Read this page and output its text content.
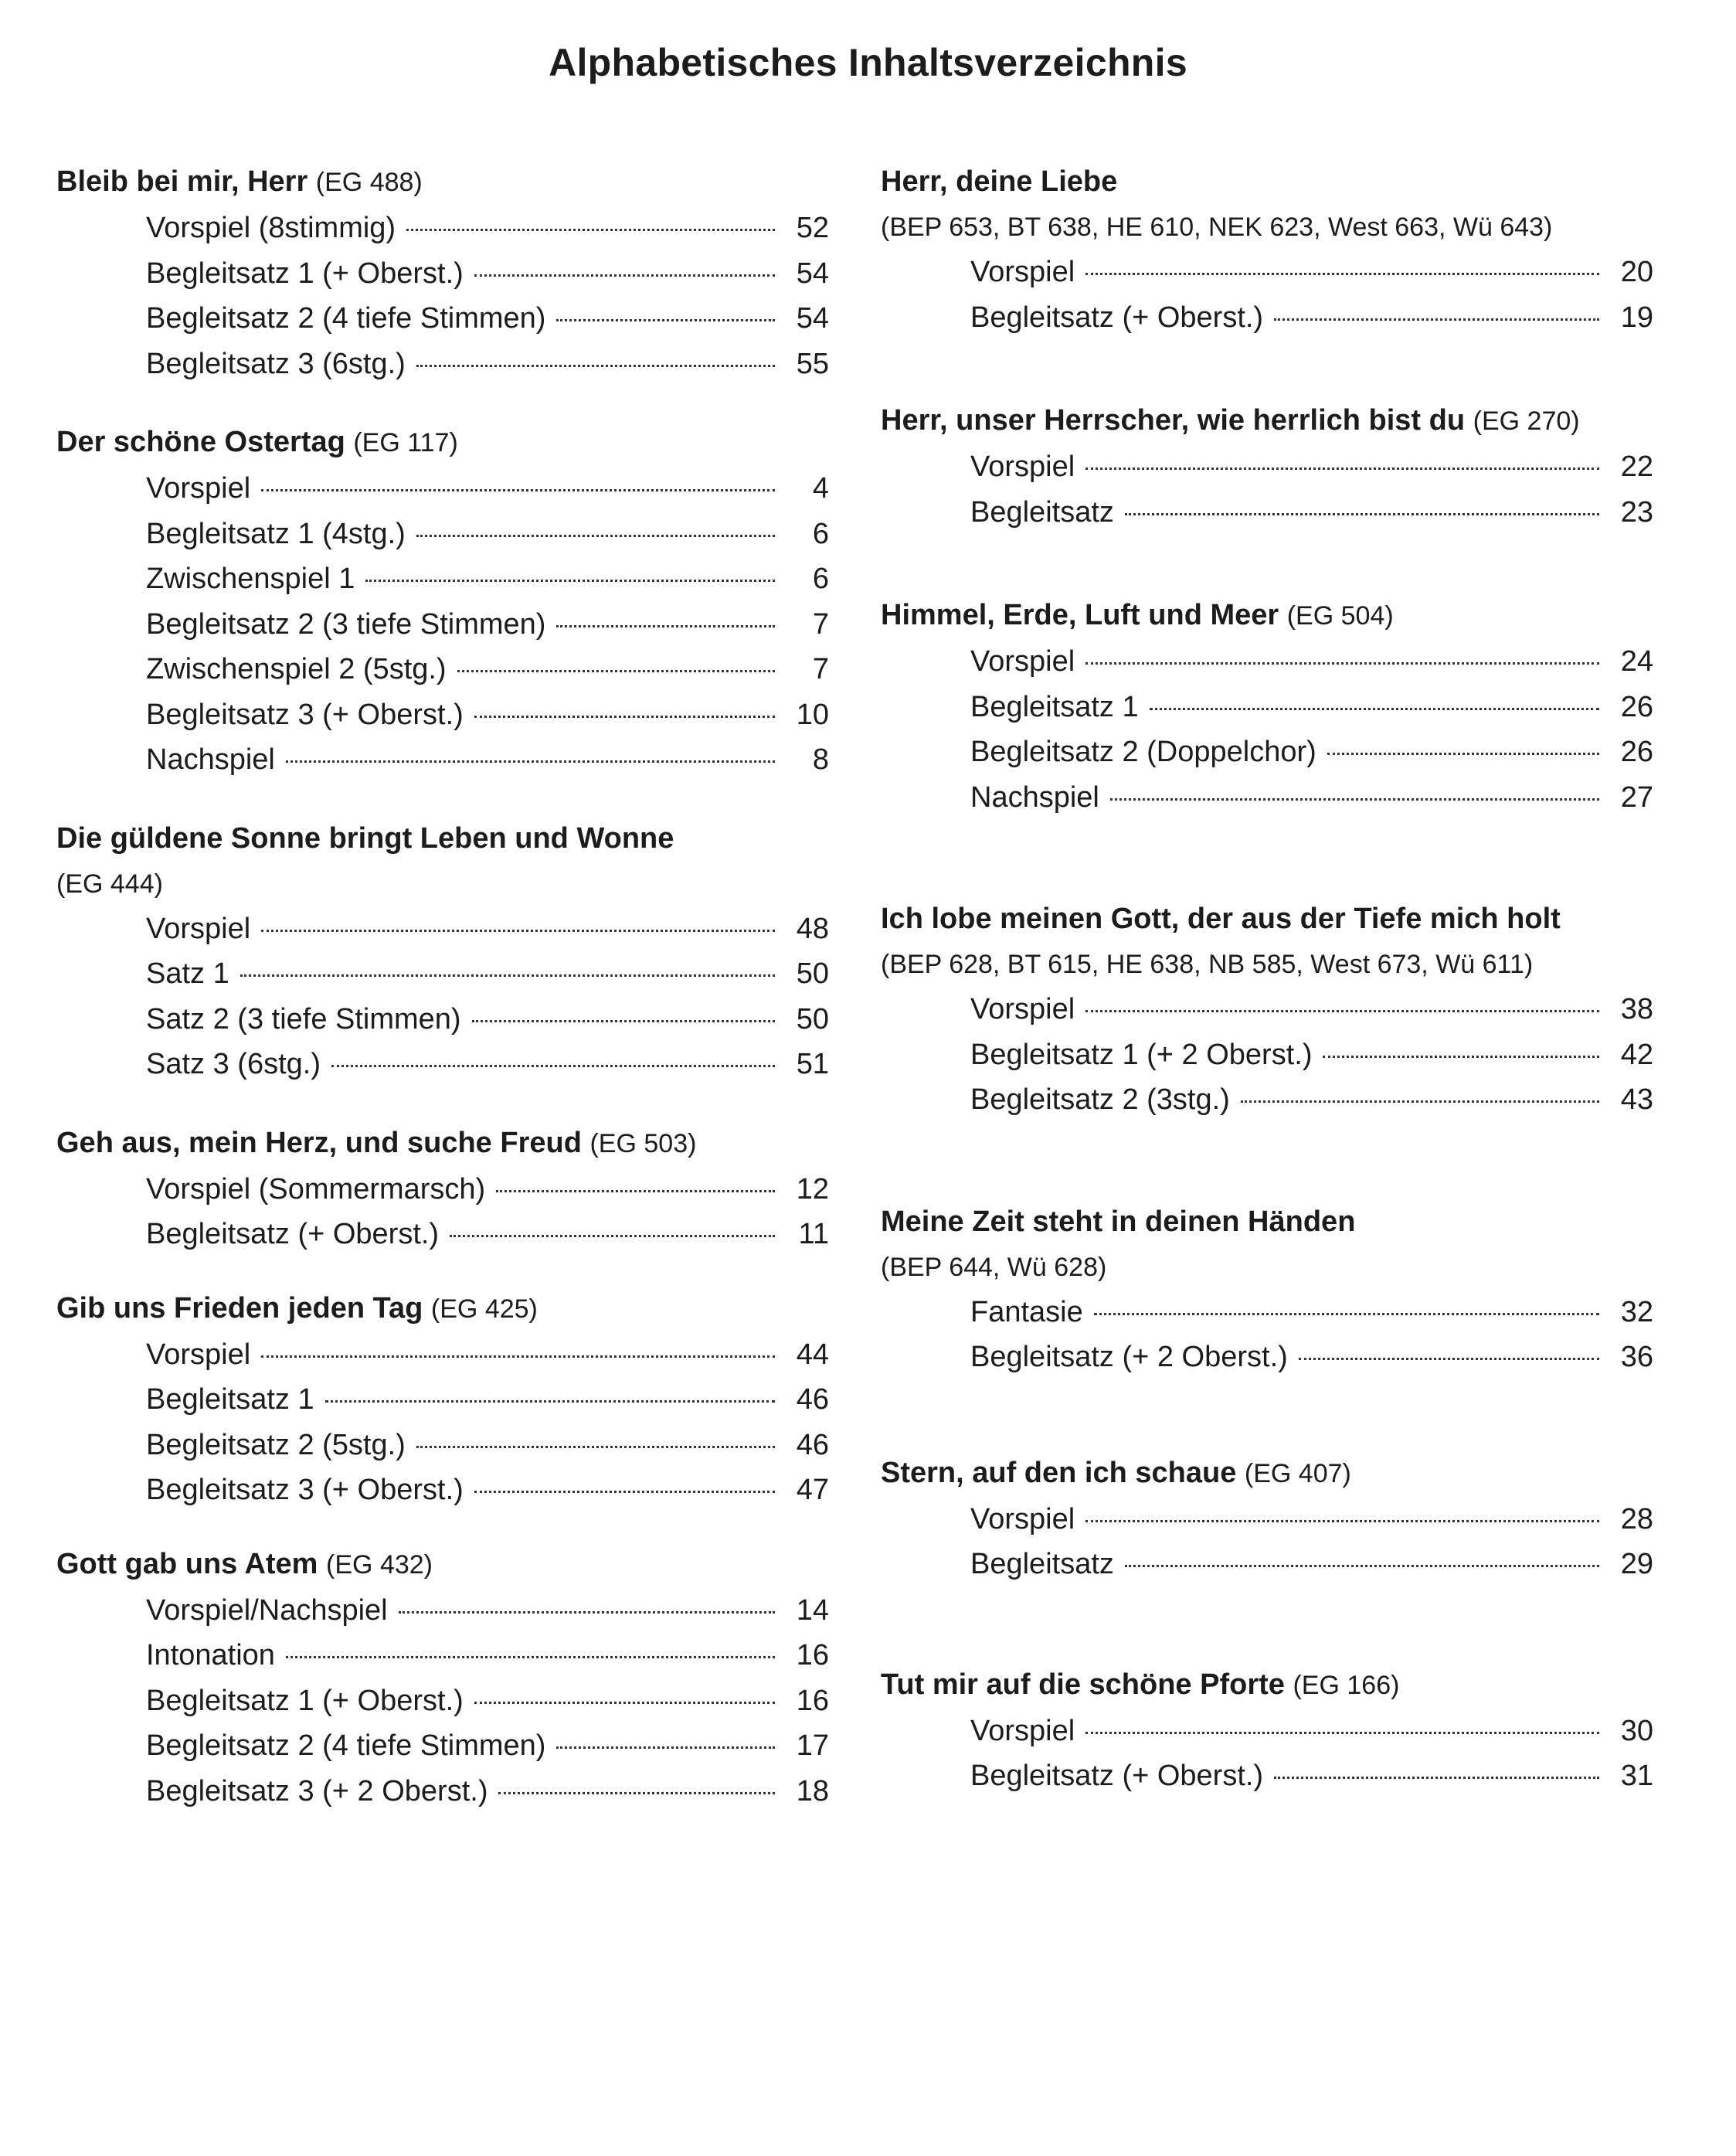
Alphabetisches Inhaltsverzeichnis
Bleib bei mir, Herr (EG 488)
Vorspiel (8stimmig)	52
Begleitsatz 1 (+ Oberst.)	54
Begleitsatz 2 (4 tiefe Stimmen)	54
Begleitsatz 3 (6stg.)	55
Der schöne Ostertag (EG 117)
Vorspiel	4
Begleitsatz 1 (4stg.)	6
Zwischenspiel 1	6
Begleitsatz 2 (3 tiefe Stimmen)	7
Zwischenspiel 2 (5stg.)	7
Begleitsatz 3 (+ Oberst.)	10
Nachspiel	8
Die güldene Sonne bringt Leben und Wonne
(EG 444)
Vorspiel	48
Satz 1	50
Satz 2 (3 tiefe Stimmen)	50
Satz 3 (6stg.)	51
Geh aus, mein Herz, und suche Freud (EG 503)
Vorspiel (Sommermarsch)	12
Begleitsatz (+ Oberst.)	11
Gib uns Frieden jeden Tag (EG 425)
Vorspiel	44
Begleitsatz 1	46
Begleitsatz 2 (5stg.)	46
Begleitsatz 3 (+ Oberst.)	47
Gott gab uns Atem (EG 432)
Vorspiel/Nachspiel	14
Intonation	16
Begleitsatz 1 (+ Oberst.)	16
Begleitsatz 2 (4 tiefe Stimmen)	17
Begleitsatz 3 (+ 2 Oberst.)	18
Herr, deine Liebe
(BEP 653, BT 638, HE 610, NEK 623, West 663, Wü 643)
Vorspiel	20
Begleitsatz (+ Oberst.)	19
Herr, unser Herrscher, wie herrlich bist du (EG 270)
Vorspiel	22
Begleitsatz	23
Himmel, Erde, Luft und Meer (EG 504)
Vorspiel	24
Begleitsatz 1	26
Begleitsatz 2 (Doppelchor)	26
Nachspiel	27
Ich lobe meinen Gott, der aus der Tiefe mich holt
(BEP 628, BT 615, HE 638, NB 585, West 673, Wü 611)
Vorspiel	38
Begleitsatz 1 (+ 2 Oberst.)	42
Begleitsatz 2 (3stg.)	43
Meine Zeit steht in deinen Händen
(BEP 644, Wü 628)
Fantasie	32
Begleitsatz (+ 2 Oberst.)	36
Stern, auf den ich schaue (EG 407)
Vorspiel	28
Begleitsatz	29
Tut mir auf die schöne Pforte (EG 166)
Vorspiel	30
Begleitsatz (+ Oberst.)	31
